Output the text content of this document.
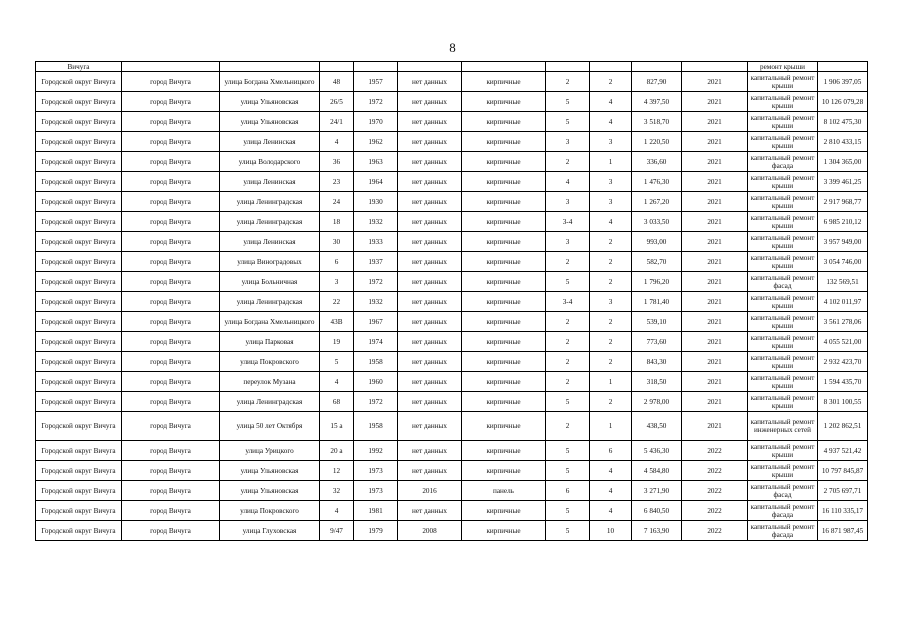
8
Вичуга											ремонт крыши	
Городской округ Вичуга	город Вичуга	улица Богдана Хмельницкого	48	1957	нет данных	кирпичные	2	2	827,90	2021	капитальный ремонт крыши	1 906 397,05
Городской округ Вичуга	город Вичуга	улица Ульяновская	26/5	1972	нет данных	кирпичные	5	4	4 397,50	2021	капитальный ремонт крыши	10 126 079,28
Городской округ Вичуга	город Вичуга	улица Ульяновская	24/1	1970	нет данных	кирпичные	5	4	3 518,70	2021	капитальный ремонт крыши	8 102 475,30
Городской округ Вичуга	город Вичуга	улица Ленинская	4	1962	нет данных	кирпичные	3	3	1 220,50	2021	капитальный ремонт крыши	2 810 433,15
Городской округ Вичуга	город Вичуга	улица Володарского	36	1963	нет данных	кирпичные	2	1	336,60	2021	капитальный ремонт фасада	1 304 365,00
Городской округ Вичуга	город Вичуга	улица Ленинская	23	1964	нет данных	кирпичные	4	3	1 476,30	2021	капитальный ремонт крыши	3 399 461,25
Городской округ Вичуга	город Вичуга	улица Ленинградская	24	1930	нет данных	кирпичные	3	3	1 267,20	2021	капитальный ремонт крыши	2 917 968,77
Городской округ Вичуга	город Вичуга	улица Ленинградская	18	1932	нет данных	кирпичные	3-4	4	3 033,50	2021	капитальный ремонт крыши	6 985 210,12
Городской округ Вичуга	город Вичуга	улица Ленинская	30	1933	нет данных	кирпичные	3	2	993,00	2021	капитальный ремонт крыши	3 957 949,00
Городской округ Вичуга	город Вичуга	улица Виноградовых	6	1937	нет данных	кирпичные	2	2	582,70	2021	капитальный ремонт крыши	3 054 746,00
Городской округ Вичуга	город Вичуга	улица Больничная	3	1972	нет данных	кирпичные	5	2	1 796,20	2021	капитальный ремонт фасад	132 569,51
Городской округ Вичуга	город Вичуга	улица Ленинградская	22	1932	нет данных	кирпичные	3-4	3	1 781,40	2021	капитальный ремонт крыши	4 102 011,97
Городской округ Вичуга	город Вичуга	улица Богдана Хмельницкого	43В	1967	нет данных	кирпичные	2	2	539,10	2021	капитальный ремонт крыши	3 561 278,06
Городской округ Вичуга	город Вичуга	улица Парковая	19	1974	нет данных	кирпичные	2	2	773,60	2021	капитальный ремонт крыши	4 055 521,00
Городской округ Вичуга	город Вичуга	улица Покровского	5	1958	нет данных	кирпичные	2	2	843,30	2021	капитальный ремонт крыши	2 932 423,70
Городской округ Вичуга	город Вичуга	переулок Музана	4	1960	нет данных	кирпичные	2	1	318,50	2021	капитальный ремонт крыши	1 594 435,70
Городской округ Вичуга	город Вичуга	улица Ленинградская	68	1972	нет данных	кирпичные	5	2	2 978,00	2021	капитальный ремонт крыши	8 301 100,55
Городской округ Вичуга	город Вичуга	улица 50 лет Октября	15 а	1958	нет данных	кирпичные	2	1	438,50	2021	капитальный ремонт инженерных сетей	1 202 862,51
Городской округ Вичуга	город Вичуга	улица Урицкого	20 а	1992	нет данных	кирпичные	5	6	5 436,30	2022	капитальный ремонт крыши	4 937 521,42
Городской округ Вичуга	город Вичуга	улица Ульяновская	12	1973	нет данных	кирпичные	5	4	4 584,80	2022	капитальный ремонт крыши	10 797 845,87
Городской округ Вичуга	город Вичуга	улица Ульяновская	32	1973	2016	панель	6	4	3 271,90	2022	капитальный ремонт фасад	2 705 697,71
Городской округ Вичуга	город Вичуга	улица Покровского	4	1981	нет данных	кирпичные	5	4	6 840,50	2022	капитальный ремонт фасада	16 110 335,17
Городской округ Вичуга	город Вичуга	улица Глуховская	9/47	1979	2008	кирпичные	5	10	7 163,90	2022	капитальный ремонт фасада	16 871 987,45
